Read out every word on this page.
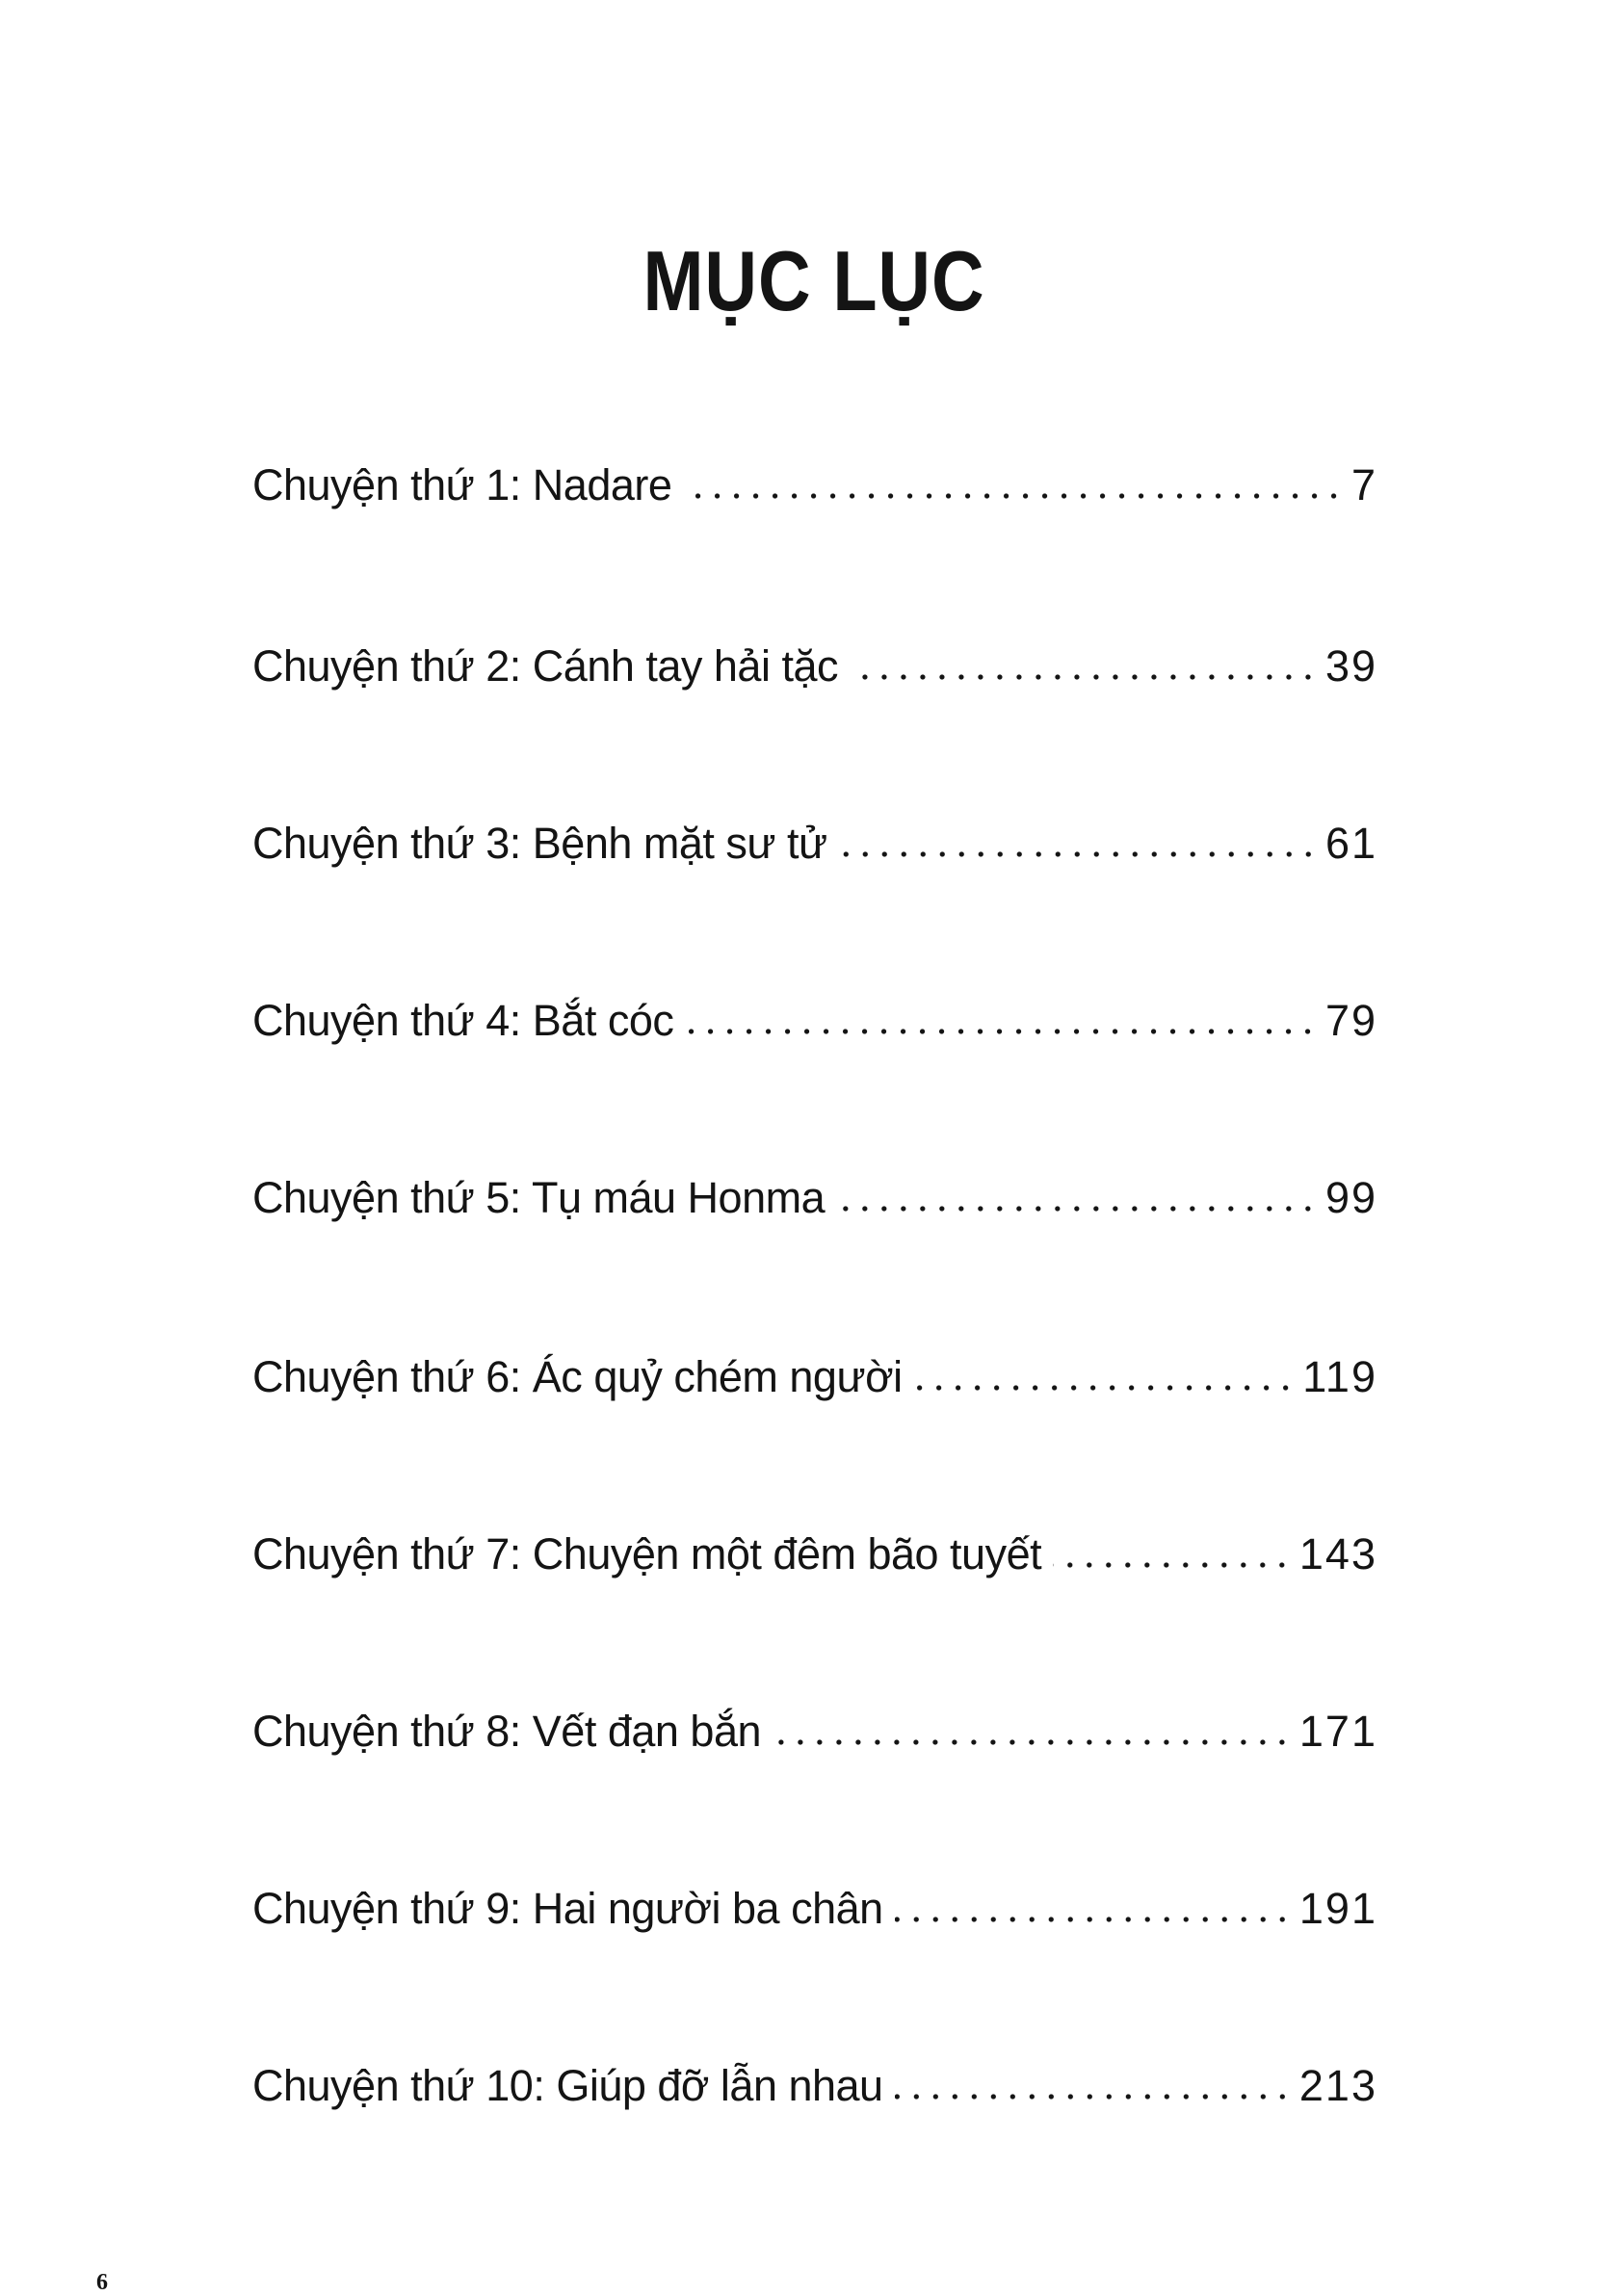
MỤC LỤC
Chuyện thứ 1: Nadare	7
Chuyện thứ 2: Cánh tay hải tặc	39
Chuyện thứ 3: Bệnh mặt sư tử	61
Chuyện thứ 4: Bắt cóc	79
Chuyện thứ 5: Tụ máu Honma	99
Chuyện thứ 6: Ác quỷ chém người	119
Chuyện thứ 7: Chuyện một đêm bão tuyết	143
Chuyện thứ 8: Vết đạn bắn	171
Chuyện thứ 9: Hai người ba chân	191
Chuyện thứ 10: Giúp đỡ lẫn nhau	213
6
